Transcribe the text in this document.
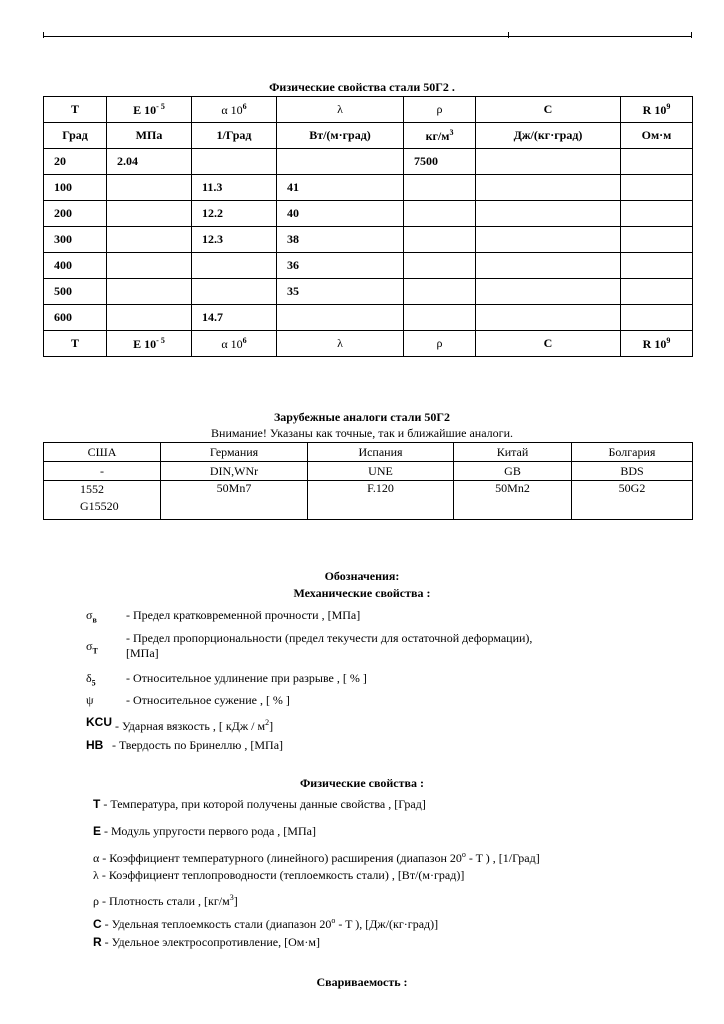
Физические свойства стали 50Г2 .
T	E $10^{- 5}$	α $10^6$	λ	ρ	C	R $10^9$
Град	МПа	1/Град	Вт/(м·град)	$кг/м^3$	Дж/(кг·град)	Ом·м
20	2.04			7500		
100		11.3	41			
200		12.2	40			
300		12.3	38			
400			36			
500			35			
600		14.7				
T	E $10^{- 5}$	α $10^6$	λ	ρ	C	R $10^9$
Зарубежные аналоги стали 50Г2
Внимание! Указаны как точные, так и ближайшие аналоги.
США	Германия	Испания	Китай	Болгария
-	DIN,WNr	UNE	GB	BDS
1552
G15520	50Mn7	F.120	50Mn2	50G2
Обозначения:
Механические свойства :
$\sigma_в$ - Предел кратковременной прочности , [МПа]
$\sigma_T$
- Предел пропорциональности (предел текучести для остаточной деформации),
[МПа]
$\delta_5$	- Относительное удлинение при разрыве , [ % ]
ψ	- Относительное сужение , [ % ]
KCU - Ударная вязкость , [ кДж / $м^2$]
HB - Твердость по Бринеллю , [МПа]
Физические свойства :
T - Температура, при которой получены данные свойства , [Град]
E - Модуль упругости первого рода , [МПа]
α - Коэффициент температурного (линейного) расширения (диапазон 20$^o$ - T ) , [1/Град]
λ - Коэффициент теплопроводности (теплоемкость стали) , [Вт/(м·град)]
ρ - Плотность стали , $[кг/м^3]$
C - Удельная теплоемкость стали (диапазон 20$^o$ - T ), [Дж/(кг·град)]
R - Удельное электросопротивление, [Ом·м]
Свариваемость :
